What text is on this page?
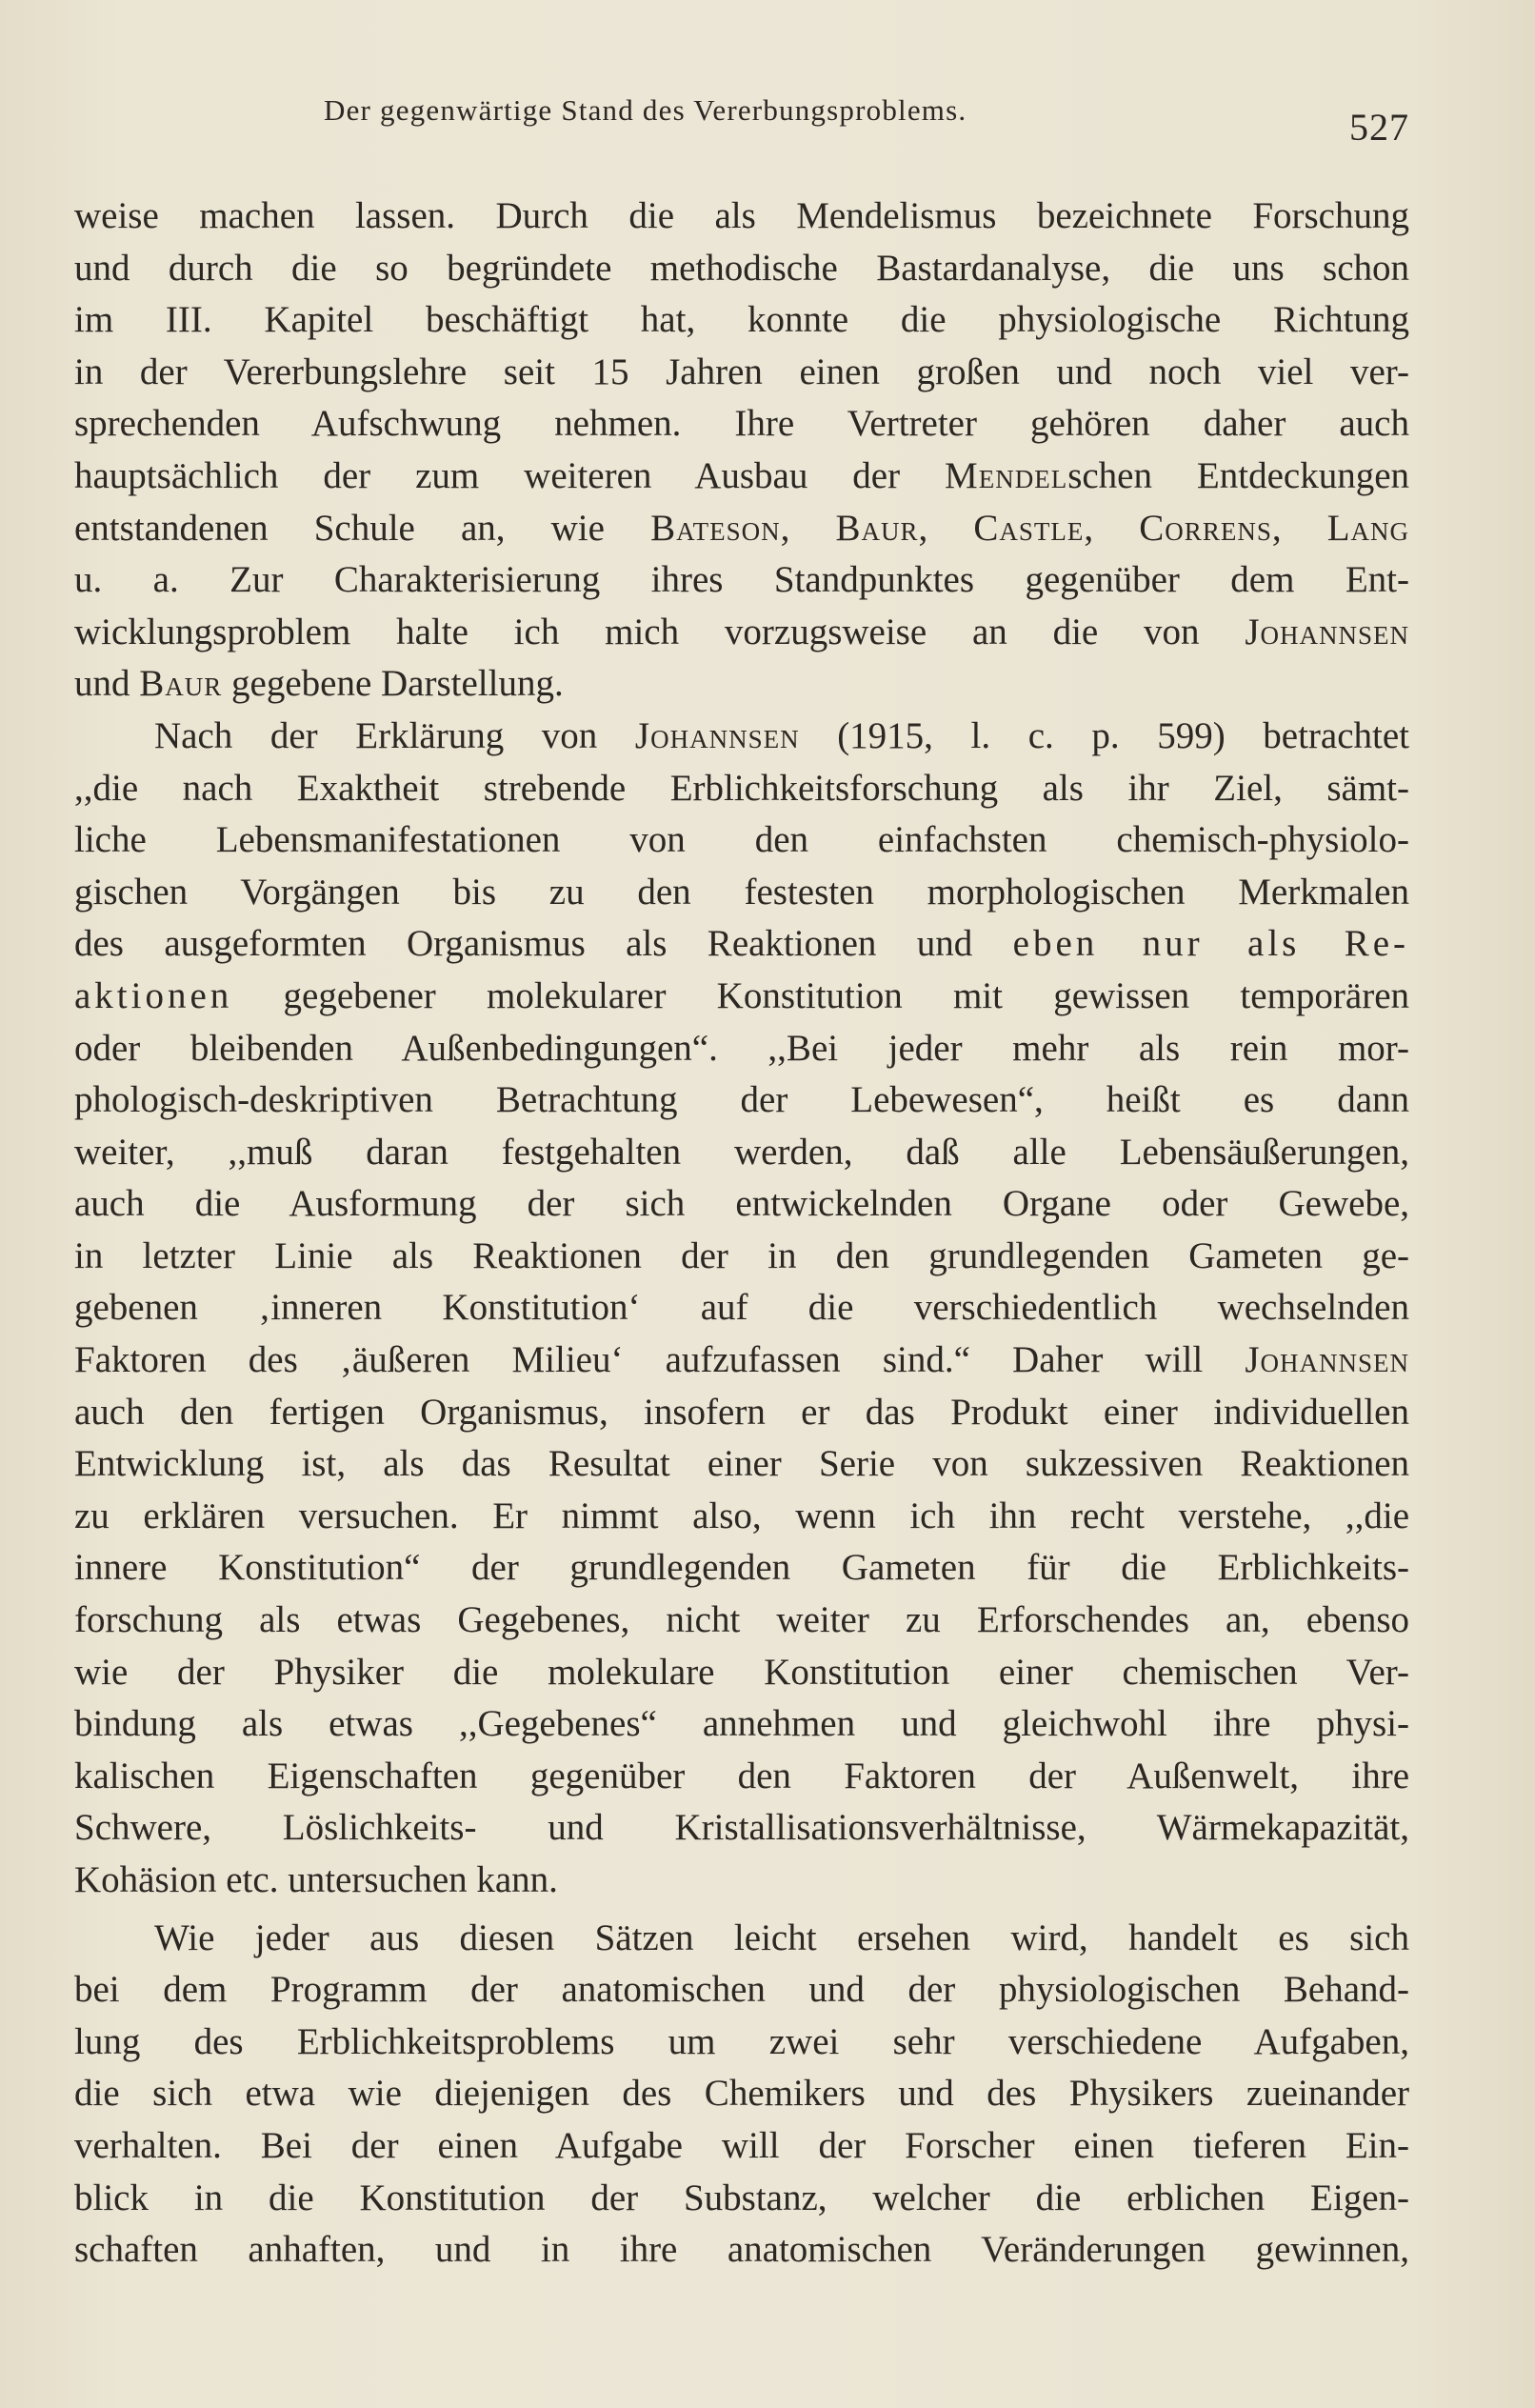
Der gegenwärtige Stand des Vererbungsproblems.	527
weise machen lassen. Durch die als Mendelismus bezeichnete Forschung
und durch die so begründete methodische Bastardanalyse, die uns schon
im III. Kapitel beschäftigt hat, konnte die physiologische Richtung
in der Vererbungslehre seit 15 Jahren einen großen und noch viel ver-
sprechenden Aufschwung nehmen. Ihre Vertreter gehören daher auch
hauptsächlich der zum weiteren Ausbau der Mendelschen Entdeckungen
entstandenen Schule an, wie Bateson, Baur, Castle, Correns, Lang
u. a. Zur Charakterisierung ihres Standpunktes gegenüber dem Ent-
wicklungsproblem halte ich mich vorzugsweise an die von Johannsen
und Baur gegebene Darstellung.
Nach der Erklärung von Johannsen (1915, l. c. p. 599) betrachtet
,,die nach Exaktheit strebende Erblichkeitsforschung als ihr Ziel, sämt-
liche Lebensmanifestationen von den einfachsten chemisch-physiolo-
gischen Vorgängen bis zu den festesten morphologischen Merkmalen
des ausgeformten Organismus als Reaktionen und eben nur als Re-
aktionen gegebener molekularer Konstitution mit gewissen temporären
oder bleibenden Außenbedingungen“. ,,Bei jeder mehr als rein mor-
phologisch-deskriptiven Betrachtung der Lebewesen“, heißt es dann
weiter, ,,muß daran festgehalten werden, daß alle Lebensäußerungen,
auch die Ausformung der sich entwickelnden Organe oder Gewebe,
in letzter Linie als Reaktionen der in den grundlegenden Gameten ge-
gebenen ‚inneren Konstitution‘ auf die verschiedentlich wechselnden
Faktoren des ‚äußeren Milieu‘ aufzufassen sind.“ Daher will Johannsen
auch den fertigen Organismus, insofern er das Produkt einer individuellen
Entwicklung ist, als das Resultat einer Serie von sukzessiven Reaktionen
zu erklären versuchen. Er nimmt also, wenn ich ihn recht verstehe, ,,die
innere Konstitution“ der grundlegenden Gameten für die Erblichkeits-
forschung als etwas Gegebenes, nicht weiter zu Erforschendes an, ebenso
wie der Physiker die molekulare Konstitution einer chemischen Ver-
bindung als etwas ,,Gegebenes“ annehmen und gleichwohl ihre physi-
kalischen Eigenschaften gegenüber den Faktoren der Außenwelt, ihre
Schwere, Löslichkeits- und Kristallisationsverhältnisse, Wärmekapazität,
Kohäsion etc. untersuchen kann.
Wie jeder aus diesen Sätzen leicht ersehen wird, handelt es sich
bei dem Programm der anatomischen und der physiologischen Behand-
lung des Erblichkeitsproblems um zwei sehr verschiedene Aufgaben,
die sich etwa wie diejenigen des Chemikers und des Physikers zueinander
verhalten. Bei der einen Aufgabe will der Forscher einen tieferen Ein-
blick in die Konstitution der Substanz, welcher die erblichen Eigen-
schaften anhaften, und in ihre anatomischen Veränderungen gewinnen,
